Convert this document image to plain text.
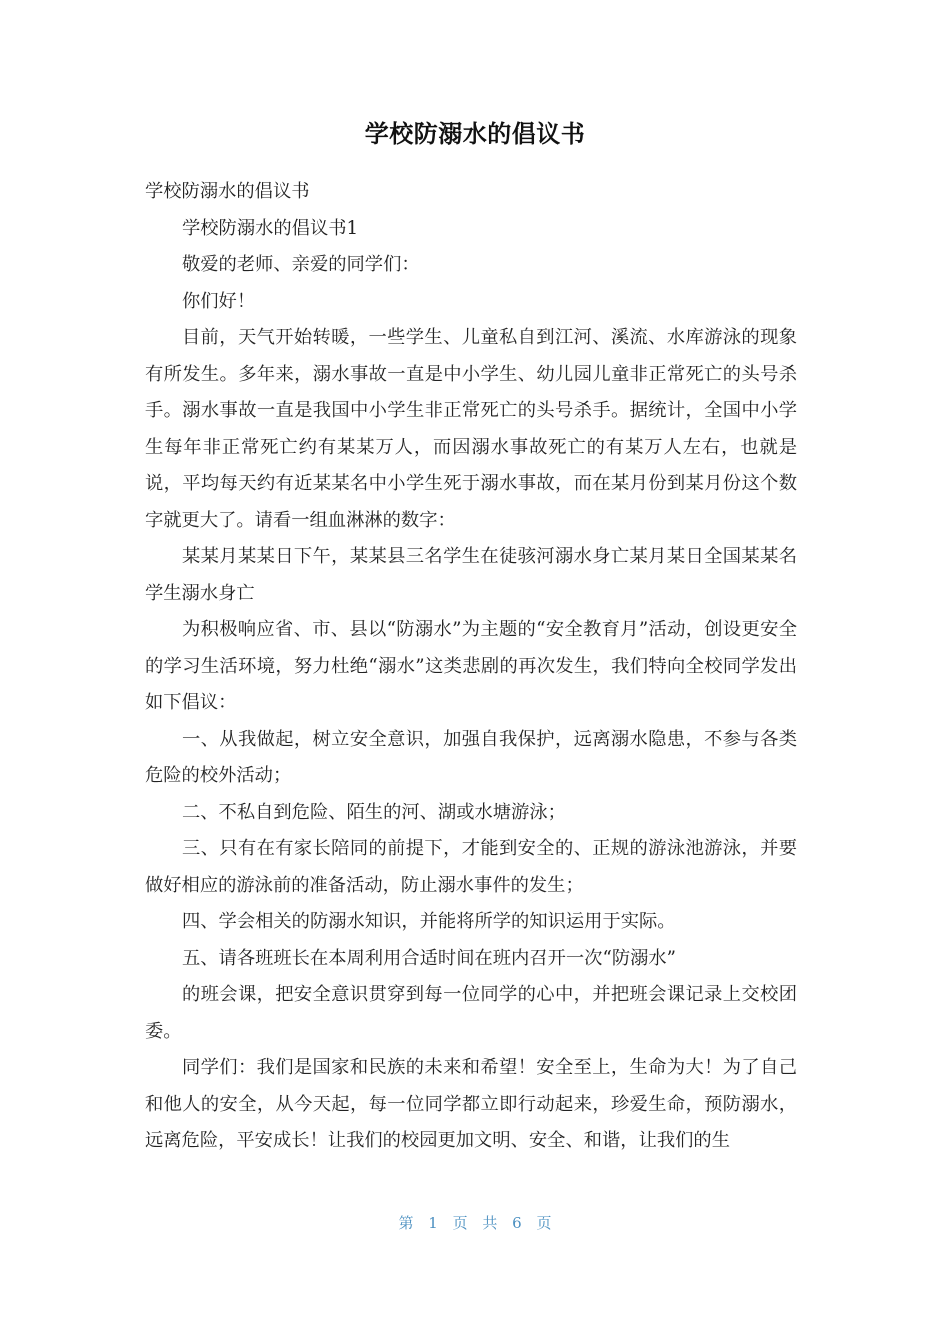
学校防溺水的倡议书

学校防溺水的倡议书

学校防溺水的倡议书1

敬爱的老师、亲爱的同学们：

你们好！

目前，天气开始转暖，一些学生、儿童私自到江河、溪流、水库游泳的现象有所发生。多年来，溺水事故一直是中小学生、幼儿园儿童非正常死亡的头号杀手。溺水事故一直是我国中小学生非正常死亡的头号杀手。据统计，全国中小学生每年非正常死亡约有某某万人，而因溺水事故死亡的有某万人左右，也就是说，平均每天约有近某某名中小学生死于溺水事故，而在某月份到某月份这个数字就更大了。请看一组血淋淋的数字：

某某月某某日下午，某某县三名学生在徒骇河溺水身亡某月某日全国某某名学生溺水身亡

为积极响应省、市、县以“防溺水”为主题的“安全教育月”活动，创设更安全的学习生活环境，努力杜绝“溺水”这类悲剧的再次发生，我们特向全校同学发出如下倡议：

一、从我做起，树立安全意识，加强自我保护，远离溺水隐患，不参与各类危险的校外活动；

二、不私自到危险、陌生的河、湖或水塘游泳；

三、只有在有家长陪同的前提下，才能到安全的、正规的游泳池游泳，并要做好相应的游泳前的准备活动，防止溺水事件的发生；

四、学会相关的防溺水知识，并能将所学的知识运用于实际。

五、请各班班长在本周利用合适时间在班内召开一次“防溺水”

的班会课，把安全意识贯穿到每一位同学的心中，并把班会课记录上交校团委。

同学们：我们是国家和民族的未来和希望！安全至上，生命为大！为了自己和他人的安全，从今天起，每一位同学都立即行动起来，珍爱生命，预防溺水，远离危险，平安成长！让我们的校园更加文明、安全、和谐，让我们的生

第 1 页 共 6 页
